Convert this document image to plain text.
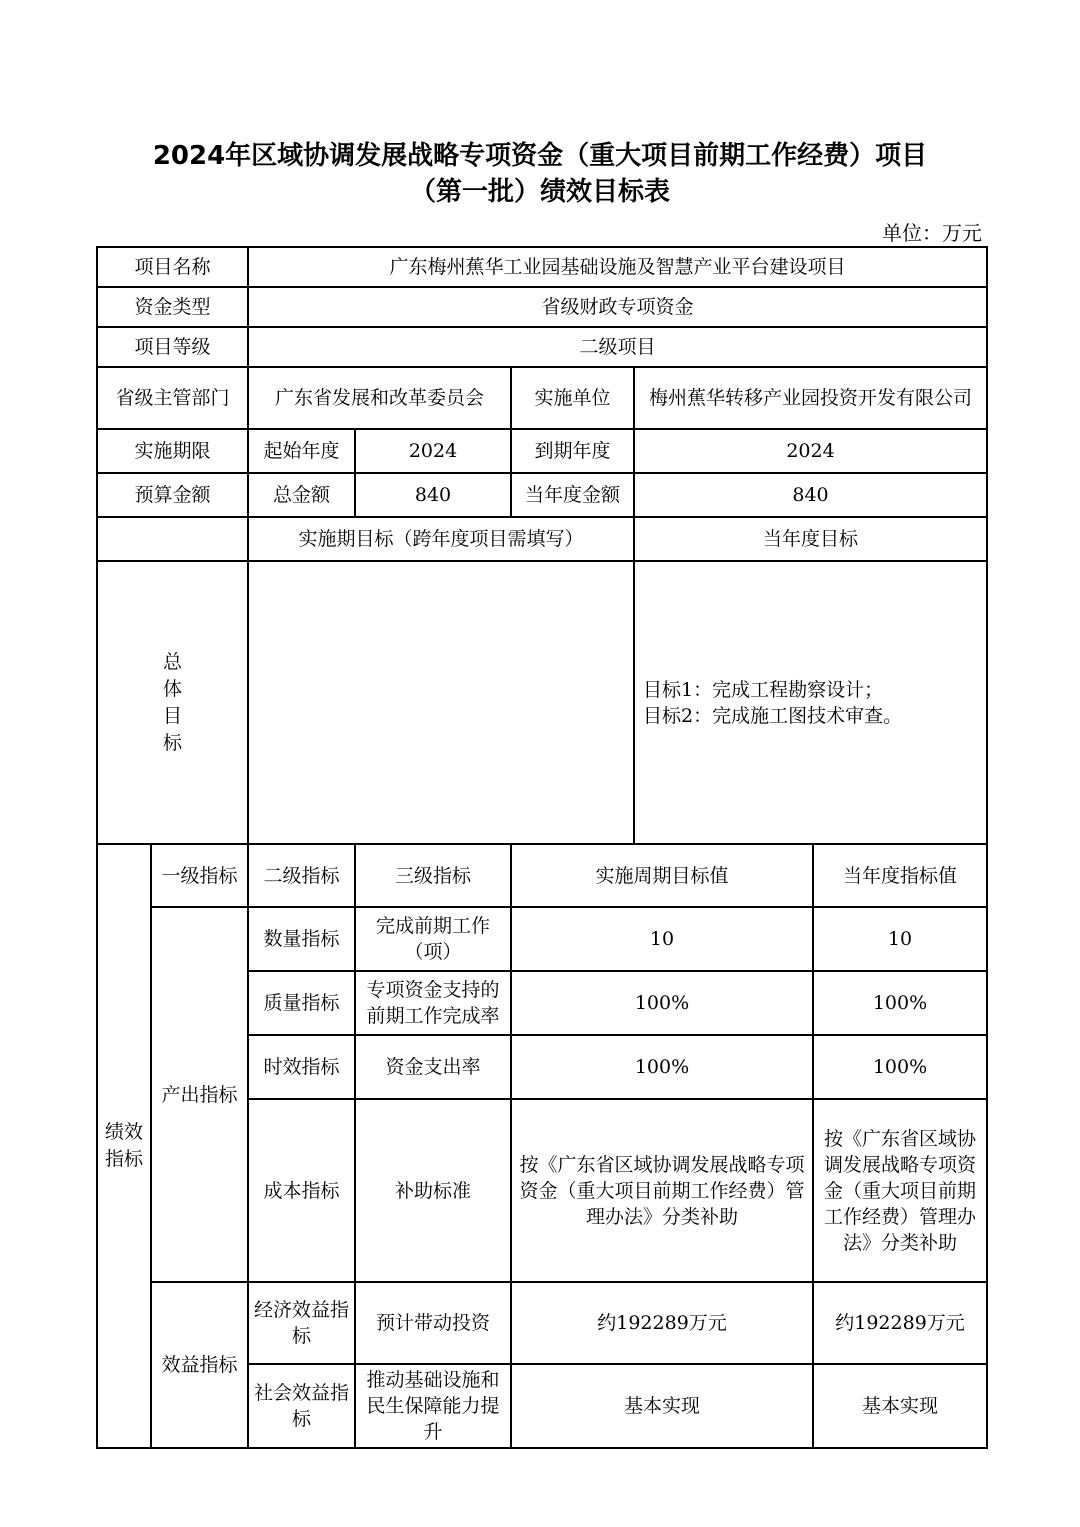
2024年区域协调发展战略专项资金（重大项目前期工作经费）项目
（第一批）绩效目标表
单位：万元
项目名称		广东梅州蕉华工业园基础设施及智慧产业平台建设项目				
资金类型		省级财政专项资金				
项目等级		二级项目				
省级主管部门		广东省发展和改革委员会		实施单位	梅州蕉华转移产业园投资开发有限公司	
实施期限		起始年度	2024	到期年度	2024	
预算金额		总金额	840	当年度金额	840	
		实施期目标（跨年度项目需填写）			当年度目标	

总体目标					目标1：完成工程勘察设计；
目标2：完成施工图技术审查。	

绩效指标	一级指标	二级指标	三级指标	实施周期目标值		当年度指标值
	产出指标	数量指标	完成前期工作（项）	10		10
		质量指标	专项资金支持的前期工作完成率	100%		100%
		时效指标	资金支出率	100%		100%
		成本指标	补助标准	按《广东省区域协调发展战略专项资金（重大项目前期工作经费）管理办法》分类补助		按《广东省区域协调发展战略专项资金（重大项目前期工作经费）管理办法》分类补助
	效益指标	经济效益指标	预计带动投资	约192289万元		约192289万元
		社会效益指标	推动基础设施和民生保障能力提升	基本实现		基本实现
